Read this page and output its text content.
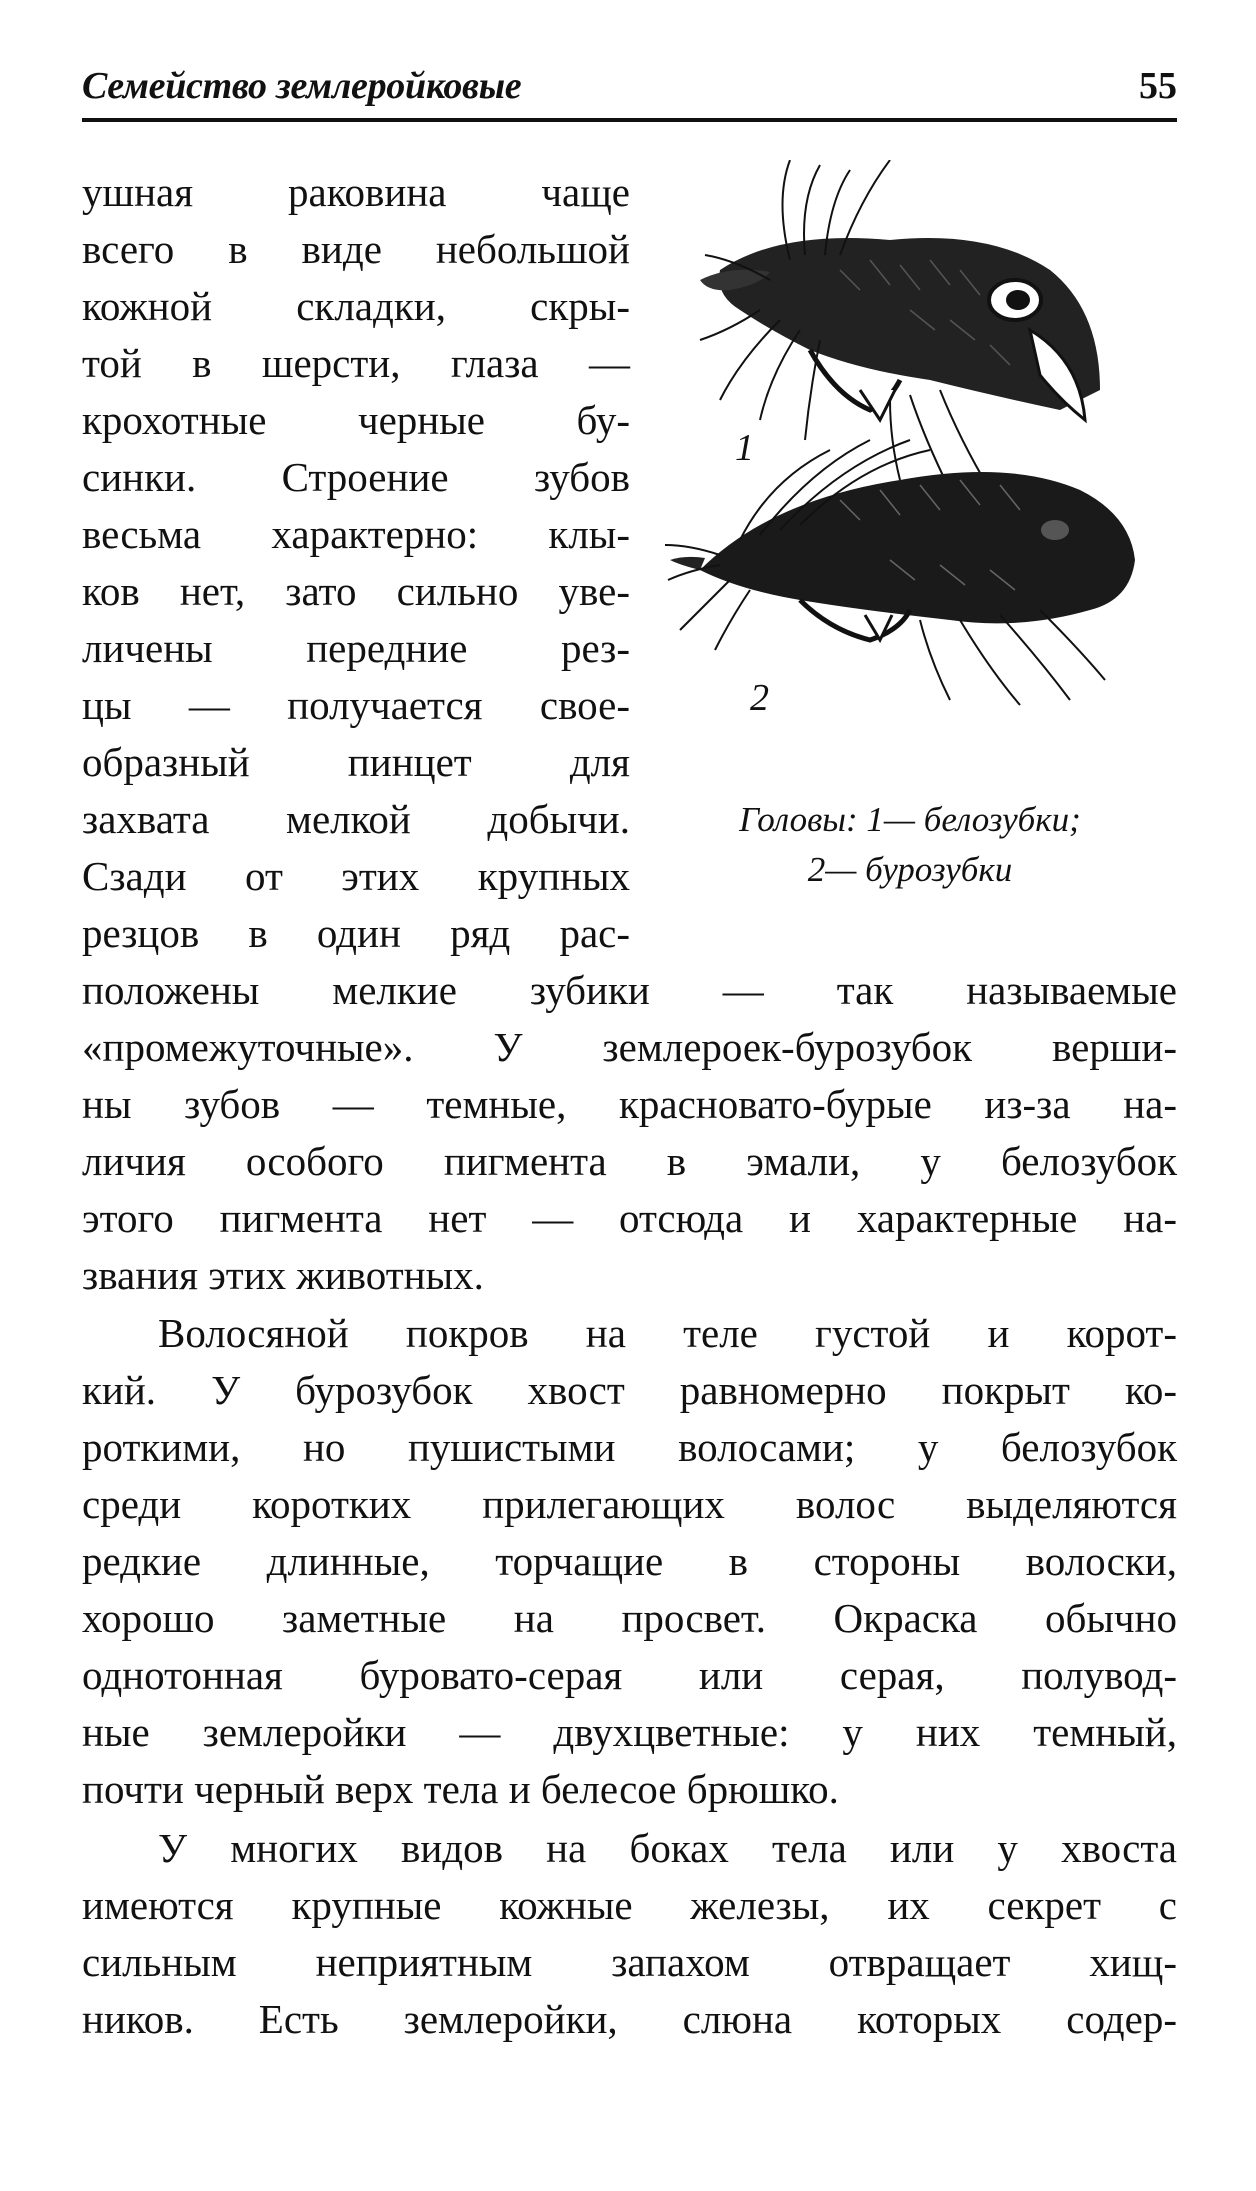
Семейство землеройковые	55
ушная раковина чаще
всего в виде небольшой
кожной складки, скры-
той в шерсти, глаза —
крохотные черные бу-
синки. Строение зубов
весьма характерно: клы-
ков нет, зато сильно уве-
личены передние рез-
цы — получается свое-
образный пинцет для
захвата мелкой добычи.
Сзади от этих крупных
резцов в один ряд рас-
положены мелкие зубики — так называемые
«промежуточные». У землероек-бурозубок верши-
ны зубов — темные, красновато-бурые из-за на-
личия особого пигмента в эмали, у белозубок
этого пигмента нет — отсюда и характерные на-
звания этих животных.
Волосяной покров на теле густой и корот-
кий. У бурозубок хвост равномерно покрыт ко-
роткими, но пушистыми волосами; у белозубок
среди коротких прилегающих волос выделяются
редкие длинные, торчащие в стороны волоски,
хорошо заметные на просвет. Окраска обычно
однотонная буровато-серая или серая, полувод-
ные землеройки — двухцветные: у них темный,
почти черный верх тела и белесое брюшко.
У многих видов на боках тела или у хвоста
имеются крупные кожные железы, их секрет с
сильным неприятным запахом отвращает хищ-
ников. Есть землеройки, слюна которых содер-
1
2
Головы: 1— белозубки;
2— бурозубки
